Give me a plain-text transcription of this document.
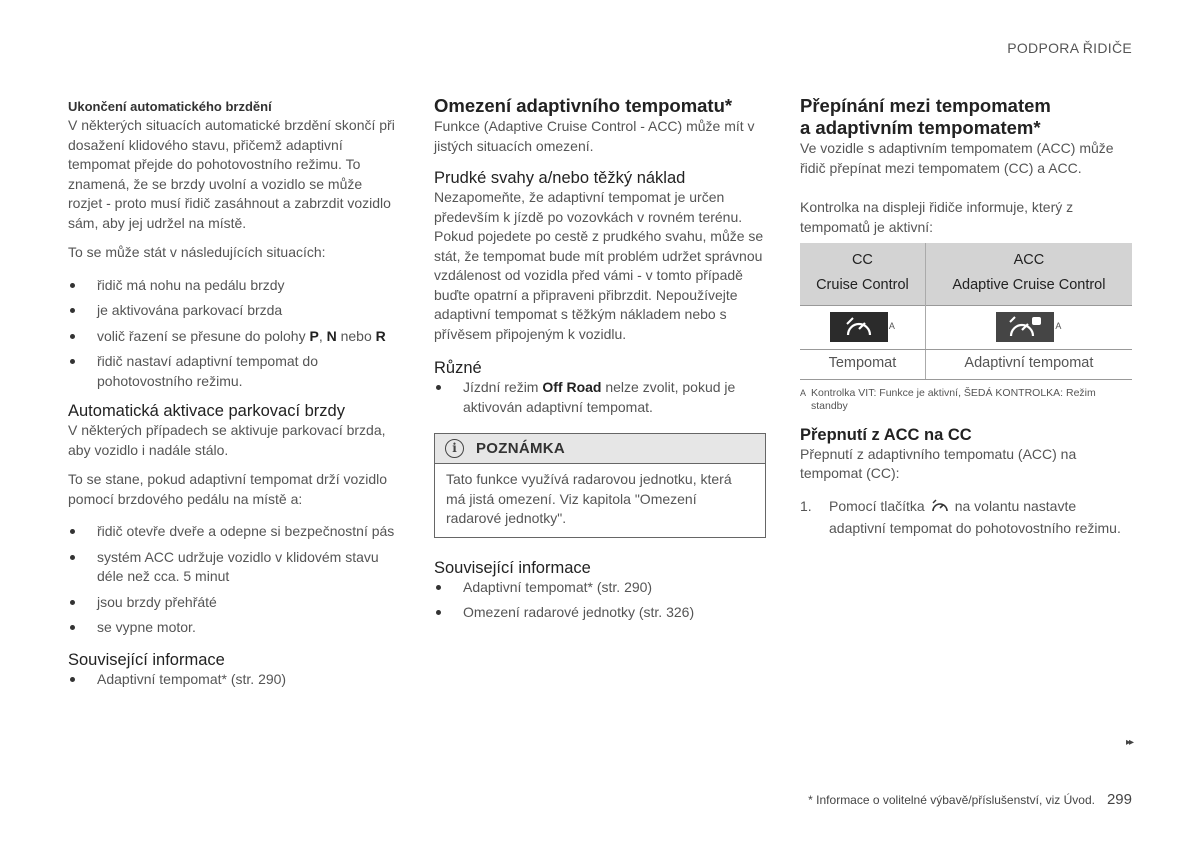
PODPORA ŘIDIČE
Ukončení automatického brzdění

V některých situacích automatické brzdění skončí při dosažení klidového stavu, přičemž adaptivní tempomat přejde do pohotovostního režimu. To znamená, že se brzdy uvolní a vozidlo se může rozjet - proto musí řidič zasáhnout a zabrzdit vozidlo sám, aby jej udržel na místě.

To se může stát v následujících situacích:

řidič má nohu na pedálu brzdy
je aktivována parkovací brzda
volič řazení se přesune do polohy P, N nebo R
řidič nastaví adaptivní tempomat do pohotovostního režimu.
Automatická aktivace parkovací brzdy

V některých případech se aktivuje parkovací brzda, aby vozidlo i nadále stálo.

To se stane, pokud adaptivní tempomat drží vozidlo pomocí brzdového pedálu na místě a:

řidič otevře dveře a odepne si bezpečnostní pás
systém ACC udržuje vozidlo v klidovém stavu déle než cca. 5 minut
jsou brzdy přehřáté
se vypne motor.
Související informace
Adaptivní tempomat* (str. 290)
Omezení adaptivního tempomatu*

Funkce (Adaptive Cruise Control - ACC) může mít v jistých situacích omezení.

Prudké svahy a/nebo těžký náklad

Nezapomeňte, že adaptivní tempomat je určen především k jízdě po vozovkách v rovném terénu. Pokud pojedete po cestě z prudkého svahu, může se stát, že tempomat bude mít problém udržet správnou vzdálenost od vozidla před vámi - v tomto případě buďte opatrní a připraveni přibrzdit. Nepoužívejte adaptivní tempomat s těžkým nákladem nebo s přívěsem připojeným k vozidlu.

Různé
Jízdní režim Off Road nelze zvolit, pokud je aktivován adaptivní tempomat.
i	POZNÁMKA
Tato funkce využívá radarovou jednotku, která má jistá omezení. Viz kapitola "Omezení radarové jednotky".
Související informace
Adaptivní tempomat* (str. 290)
Omezení radarové jednotky (str. 326)
Přepínání mezi tempomatem
a adaptivním tempomatem*

Ve vozidle s adaptivním tempomatem (ACC) může řidič přepínat mezi tempomatem (CC) a ACC.

Kontrolka na displeji řidiče informuje, který z tempomatů je aktivní:

CC	ACC
Cruise Control	Adaptive Cruise Control

A	A
Tempomat	Adaptivní tempomat
A Kontrolka VIT: Funkce je aktivní, ŠEDÁ KONTROLKA: Režim standby
Přepnutí z ACC na CC

Přepnutí z adaptivního tempomatu (ACC) na tempomat (CC):

1. Pomocí tlačítka na volantu nastavte adaptivní tempomat do pohotovostního režimu.
▸▸
* Informace o volitelné výbavě/příslušenství, viz Úvod. 299
